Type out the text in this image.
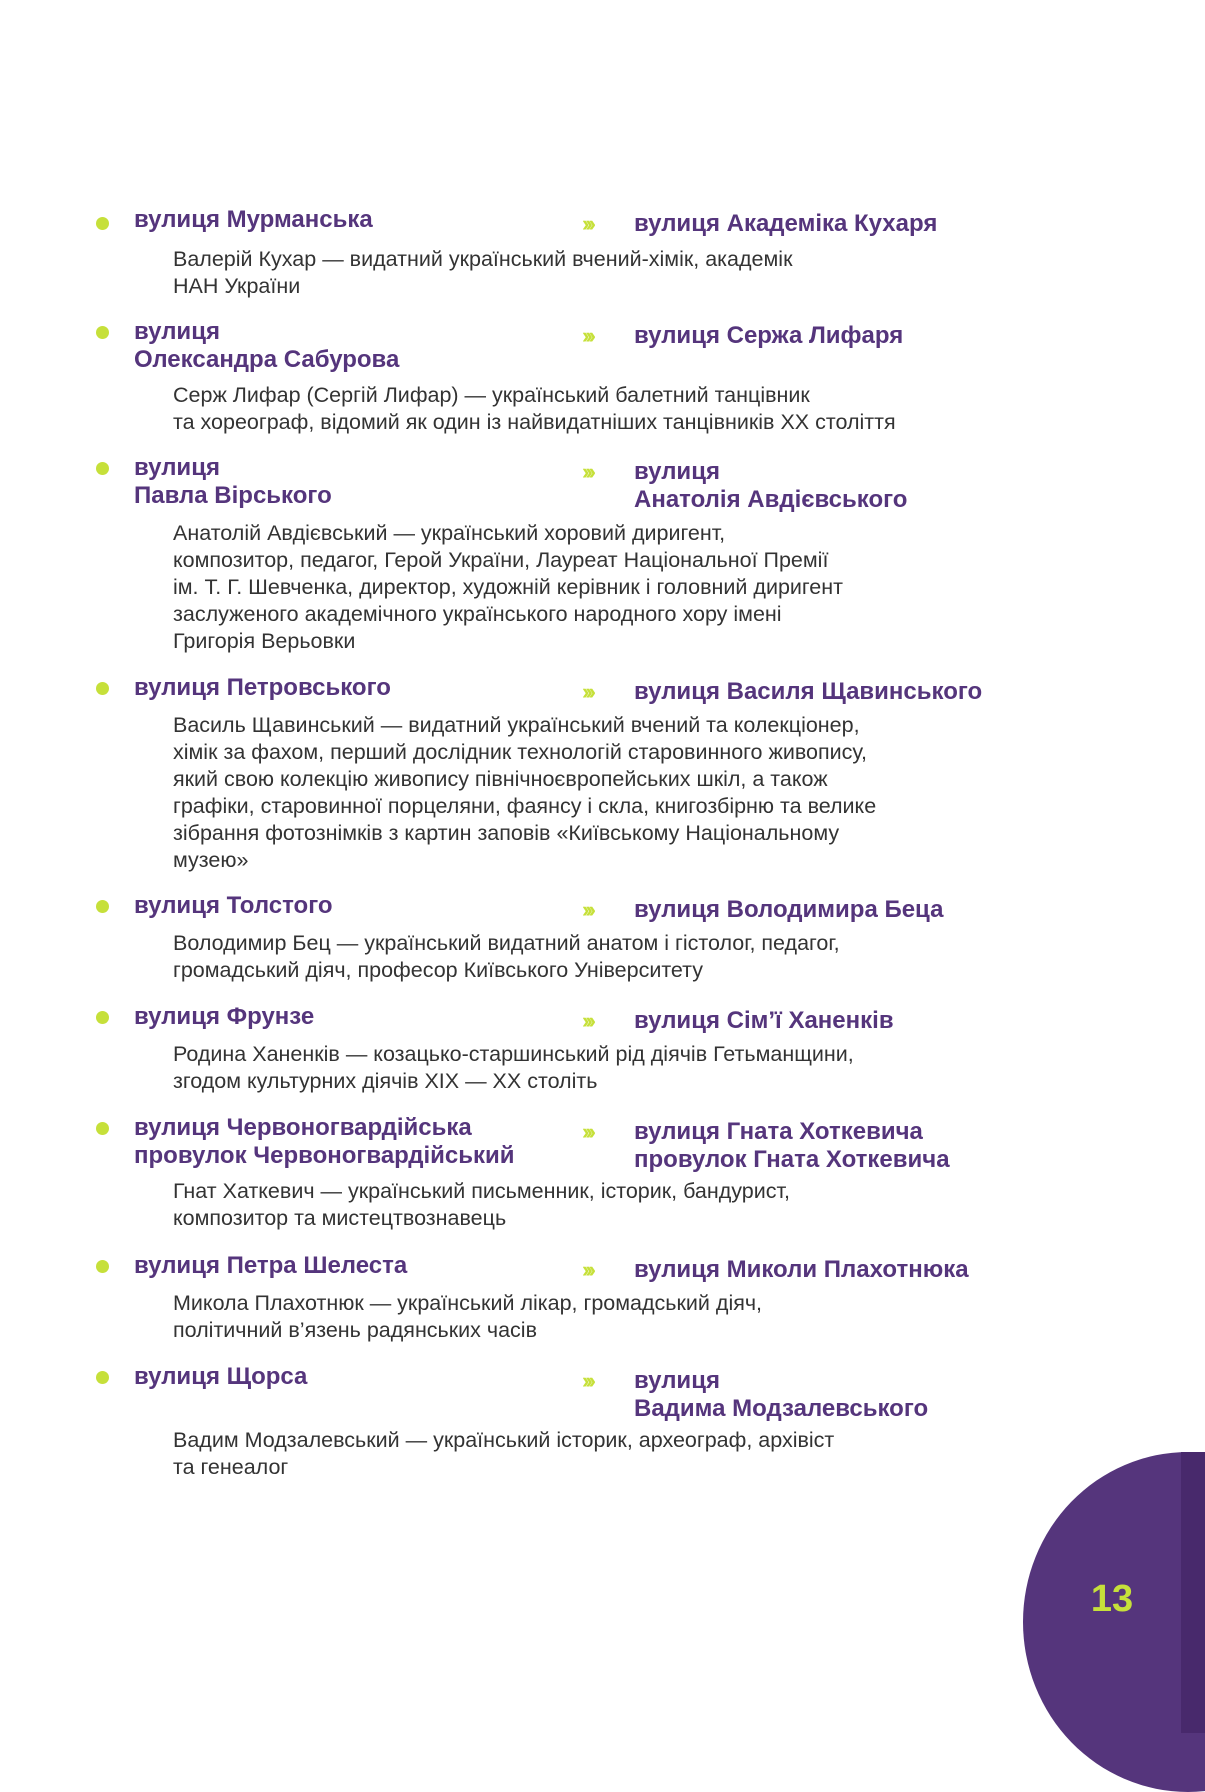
вулиця Мурманська	›››	вулиця Академіка Кухаря
Валерій Кухар — видатний український вчений-хімік, академік
НАН України
вулиця
Олександра Сабурова
›››	вулиця Сержа Лифаря
Серж Лифар (Сергій Лифар) — український балетний танцівник
та хореограф, відомий як один із найвидатніших танцівників XX століття
вулиця
Павла Вірського
›››	вулиця
Анатолія Авдієвського
Анатолій Авдієвський — український хоровий диригент,
композитор, педагог, Герой України, Лауреат Національної Премії
ім. Т. Г. Шевченка, директор, художній керівник і головний диригент
заслуженого академічного українського народного хору імені
Григорія Верьовки
вулиця Петровського	›››	вулиця Василя Щавинського
Василь Щавинський — видатний український вчений та колекціонер,
хімік за фахом, перший дослідник технологій старовинного живопису,
який свою колекцію живопису північноєвропейських шкіл, а також
графіки, старовинної порцеляни, фаянсу і скла, книгозбірню та велике
зібрання фотознімків з картин заповів «Київському Національному
музею»
вулиця Толстого	›››	вулиця Володимира Беца
Володимир Бец — український видатний анатом і гістолог, педагог,
громадський діяч, професор Київського Університету
вулиця Фрунзе	›››	вулиця Сім’ї Ханенків
Родина Ханенків — козацько-старшинський рід діячів Гетьманщини,
згодом культурних діячів XIX — XX століть
вулиця Червоногвардійська
провулок Червоногвардійський
›››	вулиця Гната Хоткевича
провулок Гната Хоткевича
Гнат Хаткевич — український письменник, історик, бандурист,
композитор та мистецтвознавець
вулиця Петра Шелеста	›››	вулиця Миколи Плахотнюка
Микола Плахотнюк — український лікар, громадський діяч,
політичний в’язень радянських часів
вулиця Щорса	›››	вулиця
Вадима Модзалевського
Вадим Модзалевський — український історик, археограф, архівіст
та генеалог
13
